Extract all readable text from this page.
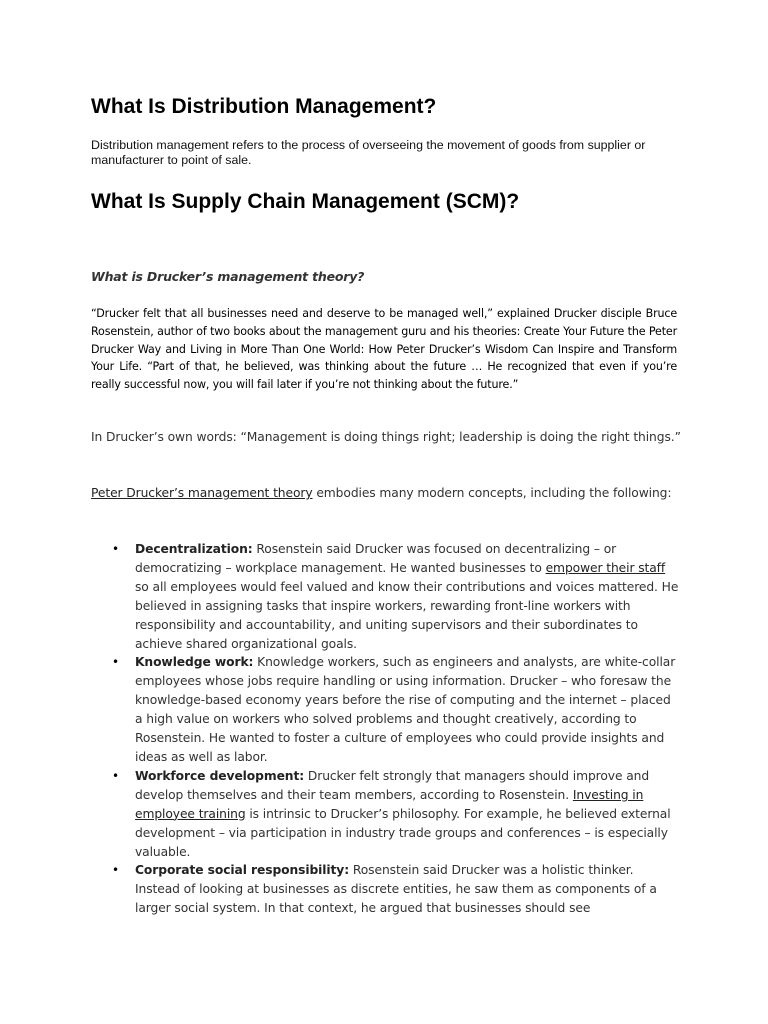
What Is Distribution Management?

Distribution management refers to the process of overseeing the movement of goods from supplier or manufacturer to point of sale.

What Is Supply Chain Management (SCM)?
What is Drucker’s management theory?

“Drucker felt that all businesses need and deserve to be managed well,” explained Drucker disciple Bruce Rosenstein, author of two books about the management guru and his theories: Create Your Future the Peter Drucker Way and Living in More Than One World: How Peter Drucker’s Wisdom Can Inspire and Transform Your Life. “Part of that, he believed, was thinking about the future … He recognized that even if you’re really successful now, you will fail later if you’re not thinking about the future.”

In Drucker’s own words: “Management is doing things right; leadership is doing the right things.”

Peter Drucker’s management theory embodies many modern concepts, including the following:

• Decentralization: Rosenstein said Drucker was focused on decentralizing – or democratizing – workplace management. He wanted businesses to empower their staff so all employees would feel valued and know their contributions and voices mattered. He believed in assigning tasks that inspire workers, rewarding front-line workers with responsibility and accountability, and uniting supervisors and their subordinates to achieve shared organizational goals.
• Knowledge work: Knowledge workers, such as engineers and analysts, are white-collar employees whose jobs require handling or using information. Drucker – who foresaw the knowledge-based economy years before the rise of computing and the internet – placed a high value on workers who solved problems and thought creatively, according to Rosenstein. He wanted to foster a culture of employees who could provide insights and ideas as well as labor.
• Workforce development: Drucker felt strongly that managers should improve and develop themselves and their team members, according to Rosenstein. Investing in employee training is intrinsic to Drucker’s philosophy. For example, he believed external development – via participation in industry trade groups and conferences – is especially valuable.
• Corporate social responsibility: Rosenstein said Drucker was a holistic thinker. Instead of looking at businesses as discrete entities, he saw them as components of a larger social system. In that context, he argued that businesses should see
